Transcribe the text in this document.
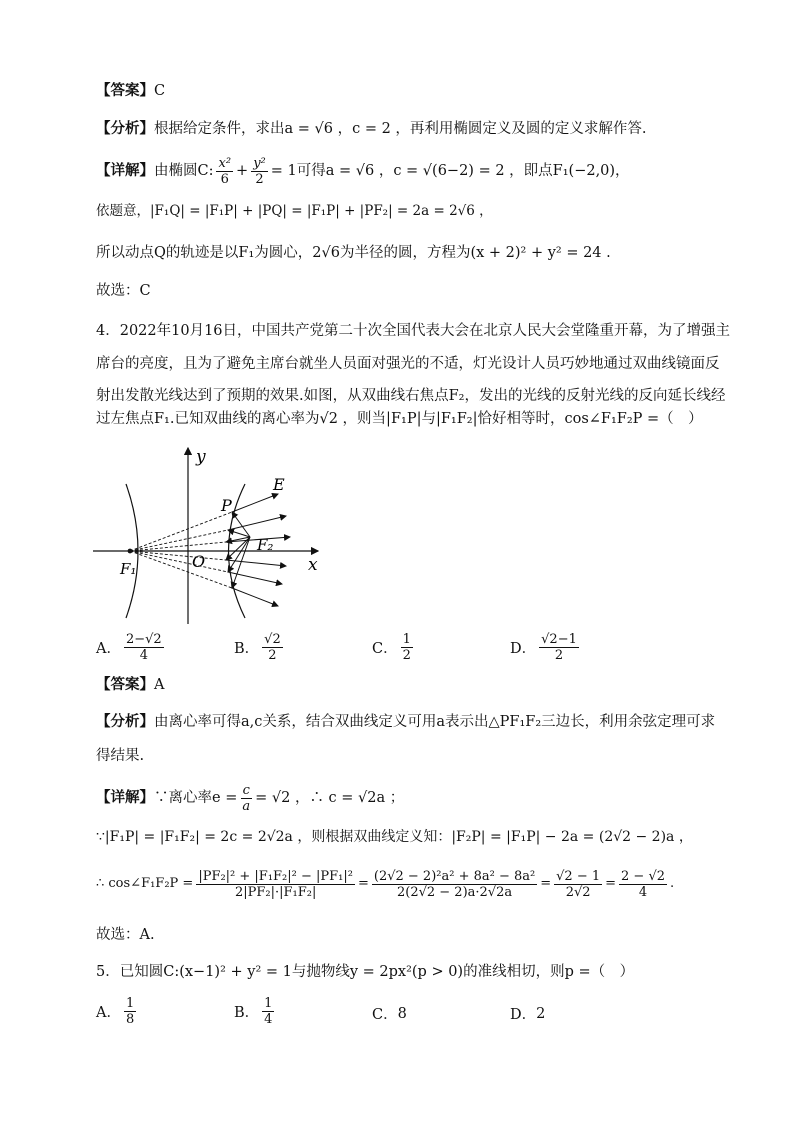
【答案】C
【分析】根据给定条件，求出a = √6 ，c = 2 ，再利用椭圆定义及圆的定义求解作答.
【详解】 由椭圆C: $\frac{\text{x²}}{6} + \frac{\text{y²}}{2} = 1$可得a = √6 ，c = √(6−2) = 2 ，即点F₁(−2,0)，
依题意，|F₁Q| = |F₁P| + |PQ| = |F₁P| + |PF₂| = 2a = 2√6 ，
所以动点Q的轨迹是以F₁为圆心，2√6为半径的圆，方程为(x + 2)² + y² = 24 .
故选：C
4．2022年10月16日，中国共产党第二十次全国代表大会在北京人民大会堂隆重开幕，为了增强主
席台的亮度，且为了避免主席台就坐人员面对强光的不适，灯光设计人员巧妙地通过双曲线镜面反
射出发散光线达到了预期的效果.如图，从双曲线右焦点F₂，发出的光线的反射光线的反向延长线经
过左焦点F₁.已知双曲线的离心率为√2 ，则当|F₁P|与|F₁F₂|恰好相等时，cos∠F₁F₂P =（　）
y
x
E
P
F₂
O
F₁
A． $\frac{2-√2}{4}$	B． $\frac{√2}{2}$	C． $\frac{1}{2}$	D． $\frac{√2-1}{2}$
【答案】A
【分析】由离心率可得a,c关系，结合双曲线定义可用a表示出△PF₁F₂三边长，利用余弦定理可求
得结果.
【详解】 ∵离心率$e = \frac{c}{a} = √2$ ，∴ c = √2a ；
∵|F₁P| = |F₁F₂| = 2c = 2√2a ，则根据双曲线定义知：|F₂P| = |F₁P| − 2a = (2√2 − 2)a ，
∴ cos∠F₁F₂P = $\frac{\text{|PF₂|² + |F₁F₂|² − |PF₁|²}}{\text{2|PF₂|·|F₁F₂|}} = \frac{\text{(2√2 − 2)²a² + 8a² − 8a²}}{2(2√2 - 2)a\cdot 2√2a} = \frac{√2 - 1}{2√2} = \frac{2 - √2}{4}$ .
故选：A.
5．已知圆C:(x−1)² + y² = 1与抛物线y = 2px²(p > 0)的准线相切，则p =（　）
A． $\frac{1}{8}$	B． $\frac{1}{4}$	C． 8	D． 2
